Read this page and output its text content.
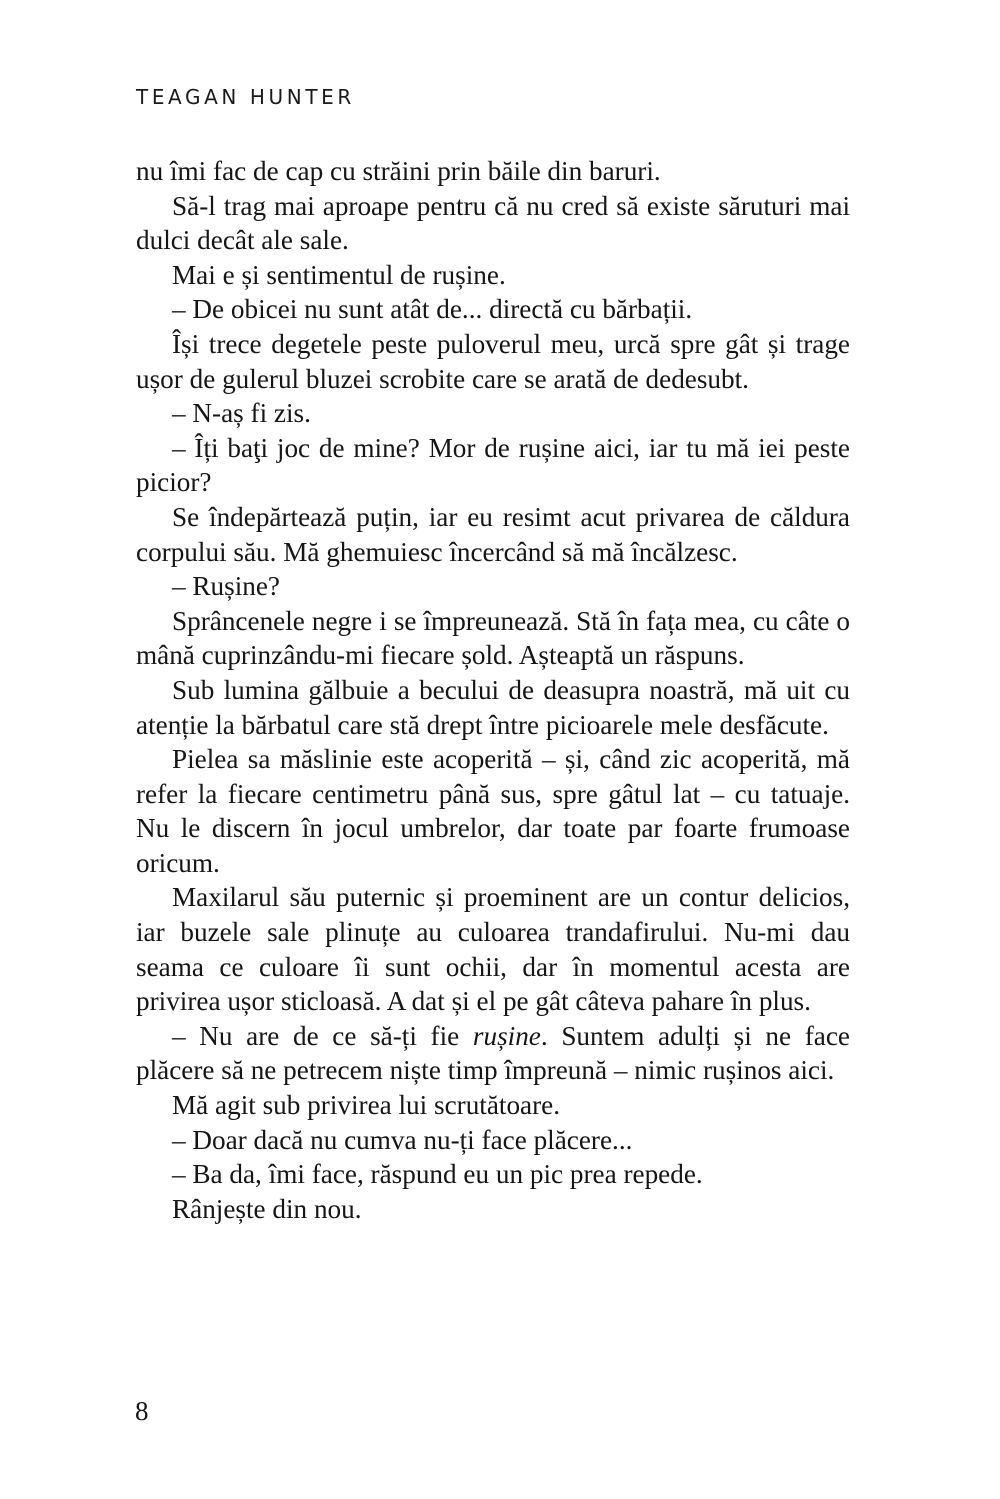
TEAGAN HUNTER

nu îmi fac de cap cu străini prin băile din baruri.

Să-l trag mai aproape pentru că nu cred să existe săruturi mai dulci decât ale sale.

Mai e și sentimentul de rușine.

– De obicei nu sunt atât de... directă cu bărbații.

Își trece degetele peste puloverul meu, urcă spre gât și trage ușor de gulerul bluzei scrobite care se arată de dedesubt.

– N-aș fi zis.

– Îți baţi joc de mine? Mor de rușine aici, iar tu mă iei peste picior?

Se îndepărtează puțin, iar eu resimt acut privarea de căldura corpului său. Mă ghemuiesc încercând să mă încălzesc.

– Rușine?

Sprâncenele negre i se împreunează. Stă în fața mea, cu câte o mână cuprinzându-mi fiecare șold. Așteaptă un răspuns.

Sub lumina gălbuie a becului de deasupra noastră, mă uit cu atenție la bărbatul care stă drept între picioarele mele desfăcute.

Pielea sa măslinie este acoperită – și, când zic acoperită, mă refer la fiecare centimetru până sus, spre gâtul lat – cu tatuaje. Nu le discern în jocul umbrelor, dar toate par foarte frumoase oricum.

Maxilarul său puternic și proeminent are un contur delicios, iar buzele sale plinuțe au culoarea trandafirului. Nu-mi dau seama ce culoare îi sunt ochii, dar în momentul acesta are privirea ușor sticloasă. A dat și el pe gât câteva pahare în plus.

– Nu are de ce să-ți fie rușine. Suntem adulți și ne face plăcere să ne petrecem niște timp împreună – nimic rușinos aici.

Mă agit sub privirea lui scrutătoare.

– Doar dacă nu cumva nu-ți face plăcere...

– Ba da, îmi face, răspund eu un pic prea repede.

Rânjește din nou.

8
